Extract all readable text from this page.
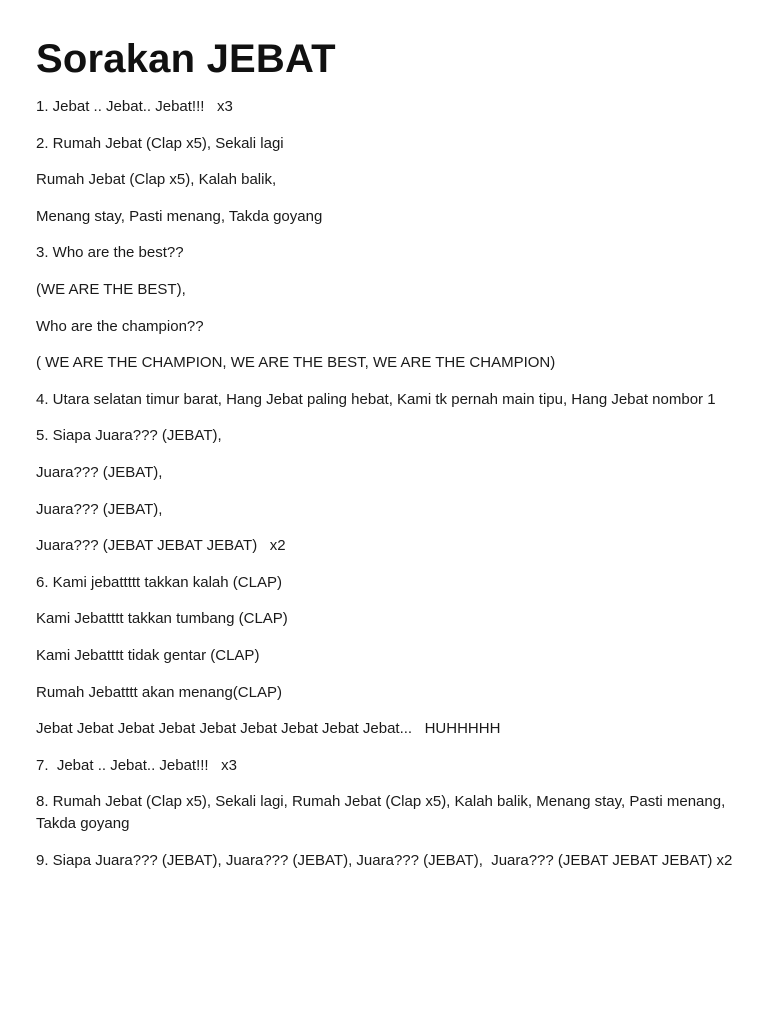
Sorakan JEBAT

1. Jebat .. Jebat.. Jebat!!!   x3

2. Rumah Jebat (Clap x5), Sekali lagi

Rumah Jebat (Clap x5), Kalah balik,

Menang stay, Pasti menang, Takda goyang

3. Who are the best??

(WE ARE THE BEST),

Who are the champion??

( WE ARE THE CHAMPION, WE ARE THE BEST, WE ARE THE CHAMPION)

4. Utara selatan timur barat, Hang Jebat paling hebat, Kami tk pernah main tipu, Hang Jebat nombor 1

5. Siapa Juara??? (JEBAT),

Juara??? (JEBAT),

Juara??? (JEBAT),

Juara??? (JEBAT JEBAT JEBAT)   x2

6. Kami jebattttt takkan kalah (CLAP)

Kami Jebatttt takkan tumbang (CLAP)

Kami Jebatttt tidak gentar (CLAP)

Rumah Jebatttt akan menang(CLAP)

Jebat Jebat Jebat Jebat Jebat Jebat Jebat Jebat Jebat...   HUHHHHH

7.  Jebat .. Jebat.. Jebat!!!   x3

8. Rumah Jebat (Clap x5), Sekali lagi, Rumah Jebat (Clap x5), Kalah balik, Menang stay, Pasti menang, Takda goyang

9. Siapa Juara??? (JEBAT), Juara??? (JEBAT), Juara??? (JEBAT),  Juara??? (JEBAT JEBAT JEBAT) x2
